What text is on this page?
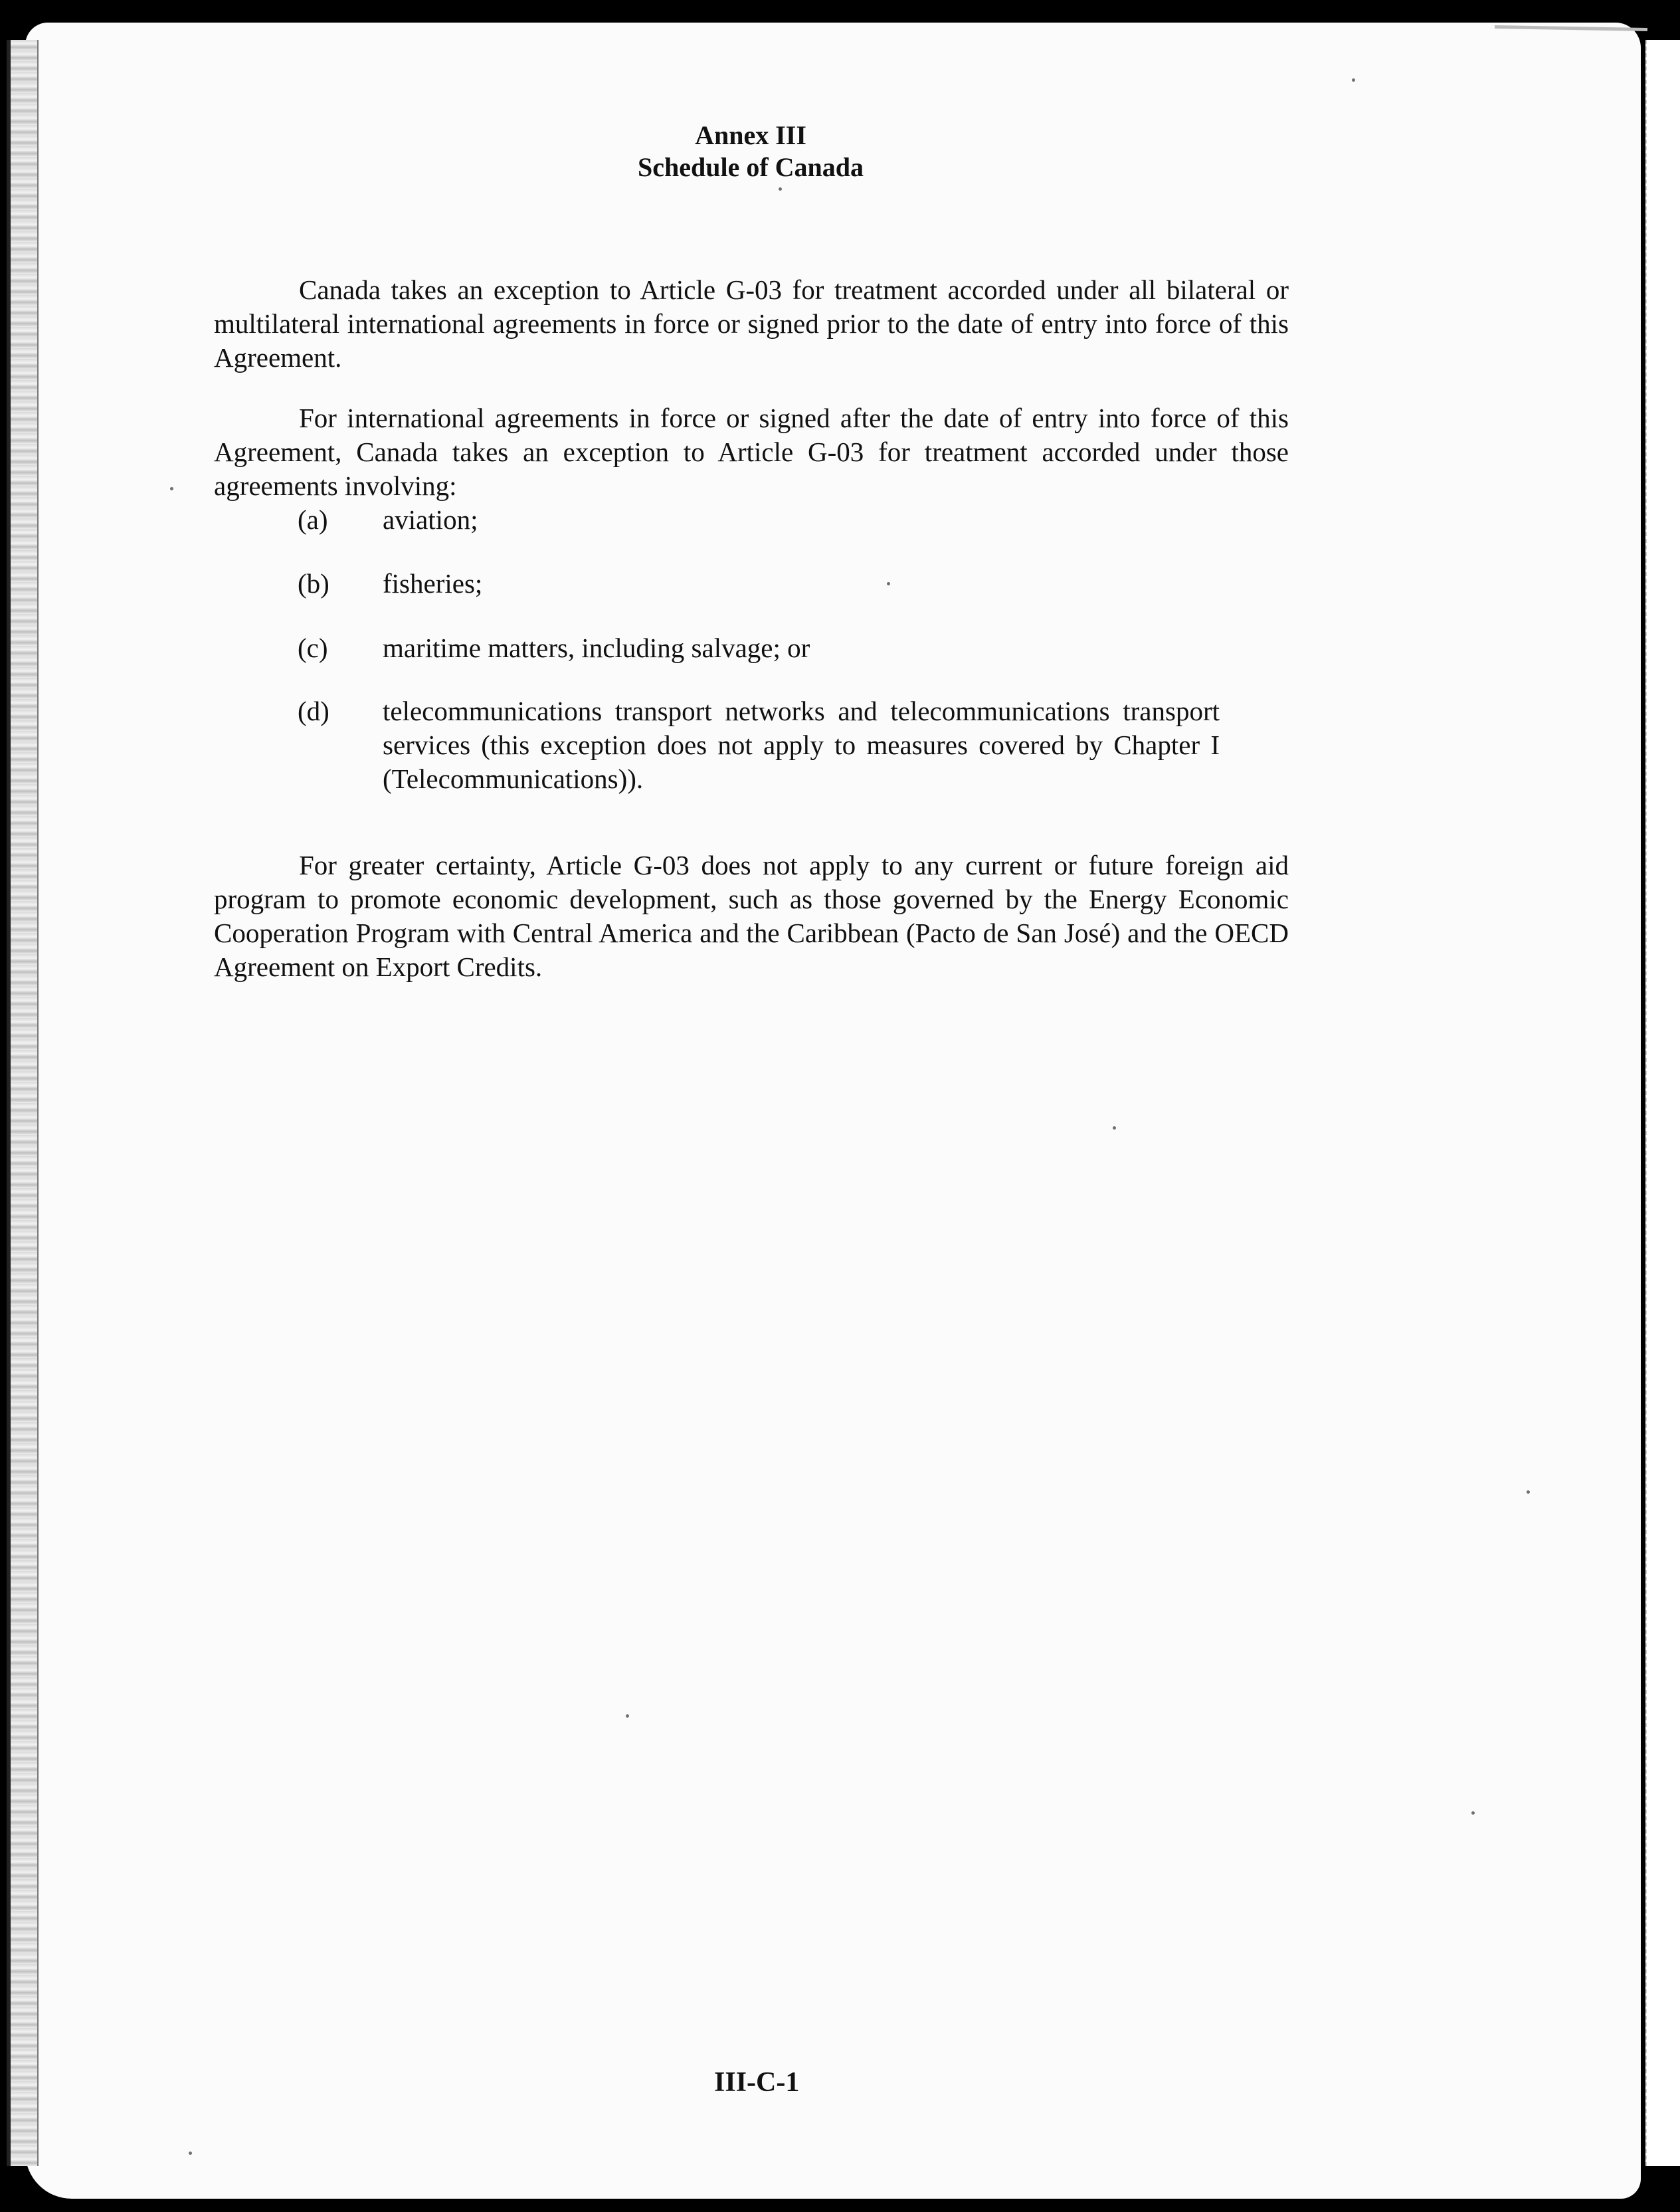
Annex III
Schedule of Canada

Canada takes an exception to Article G-03 for treatment accorded under all bilateral or multilateral international agreements in force or signed prior to the date of entry into force of this Agreement.

For international agreements in force or signed after the date of entry into force of this Agreement, Canada takes an exception to Article G-03 for treatment accorded under those agreements involving:

(a)	aviation;
(b)	fisheries;
(c)	maritime matters, including salvage; or
(d)	telecommunications transport networks and telecommunications transport services (this exception does not apply to measures covered by Chapter I (Telecommunications)).

For greater certainty, Article G-03 does not apply to any current or future foreign aid program to promote economic development, such as those governed by the Energy Economic Cooperation Program with Central America and the Caribbean (Pacto de San José) and the OECD Agreement on Export Credits.

III-C-1
